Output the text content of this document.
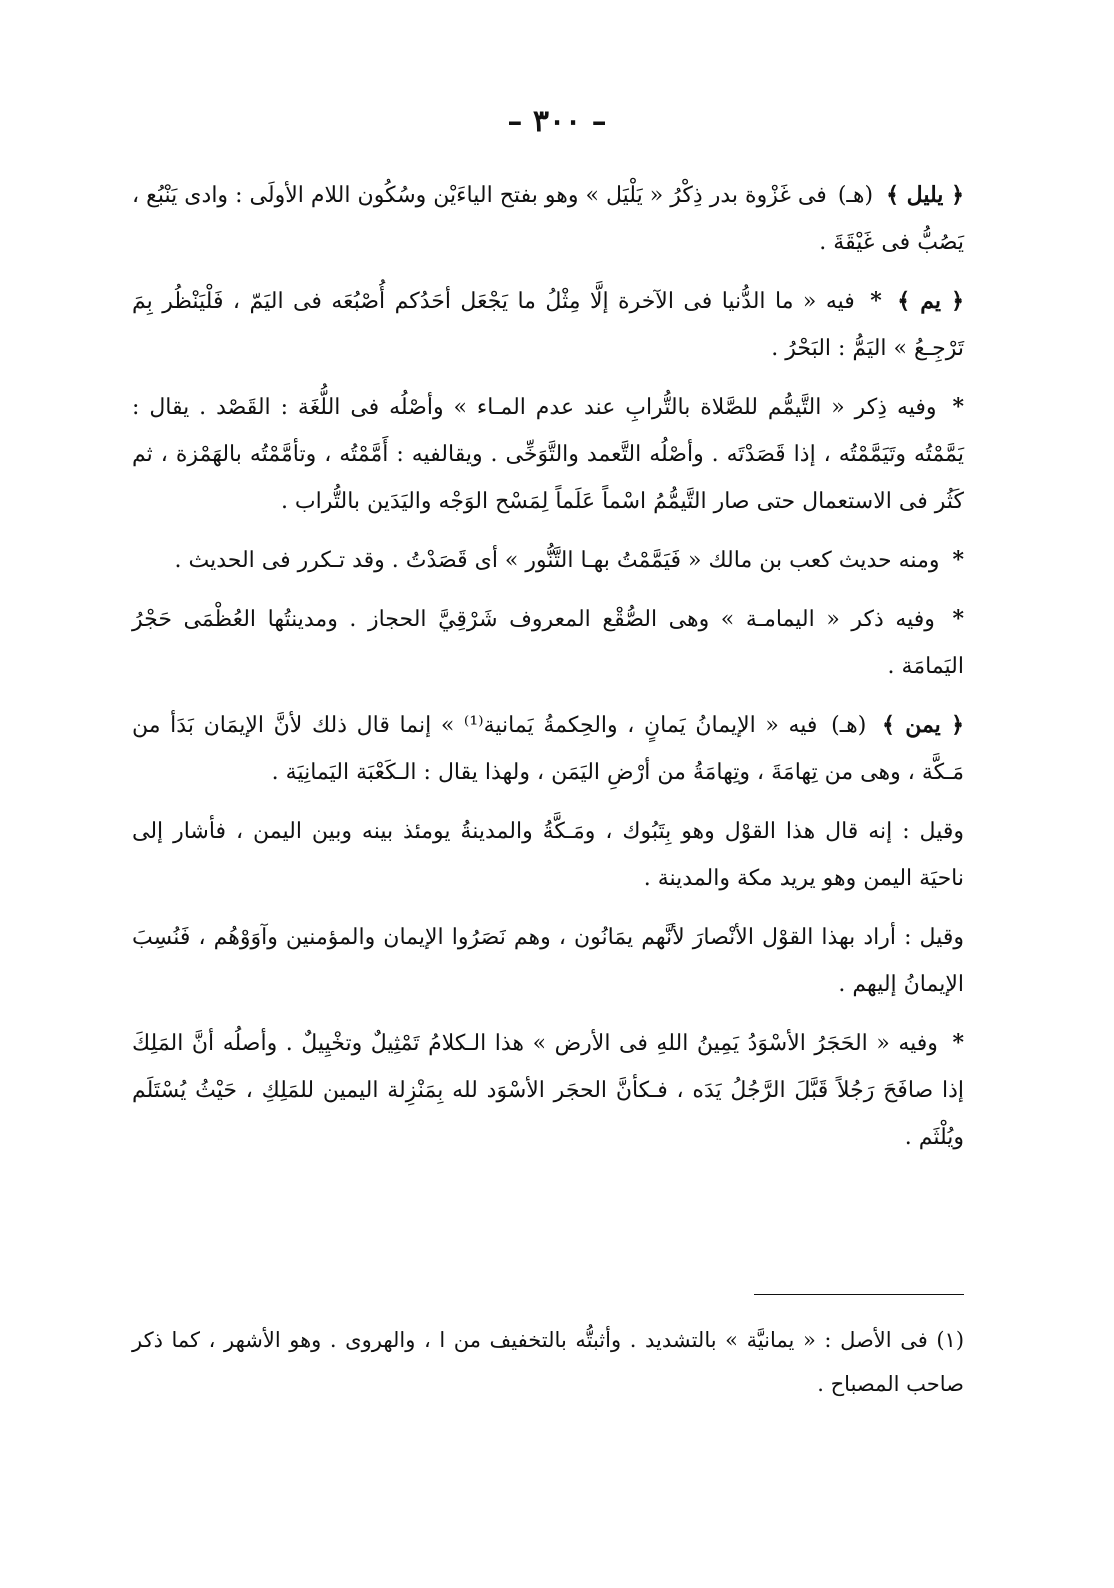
– ٣٠٠ –

﴿ يليل ﴾ (هـ) فى غَزْوة بدر ذِكْرُ « يَلْيَل » وهو بفتح الياءَيْن وسُكُون اللام الأولَى : وادى يَنْبُع ، يَصُبُّ فى غَيْقَةَ .

﴿ يم ﴾ * فيه « ما الدُّنيا فى الآخرة إلَّا مِثْلُ ما يَجْعَل أحَدُكم أُصْبُعَه فى اليَمّ ، فَلْيَنْظُر بِمَ تَرْجِـعُ » اليَمُّ : البَحْرُ .

* وفيه ذِكر « التَّيمُّم للصَّلاة بالتُّرابِ عند عدم المـاء » وأصْلُه فى اللُّغَة : القَصْد . يقال : يَمَّمْتُه وتَيَمَّمْتُه ، إذا قَصَدْتَه . وأصْلُه التَّعمد والتَّوَخِّى . ويقالفيه : أَمَّمْتُه ، وتأمَّمْتُه بالهَمْزة ، ثم كَثُر فى الاستعمال حتى صار التَّيمُّمُ اسْماً عَلَماً لِمَسْح الوَجْه واليَدَين بالتُّراب .

* ومنه حديث كعب بن مالك « فَيَمَّمْتُ بهـا التَّنُّور » أى قَصَدْتُ . وقد تـكرر فى الحديث .

* وفيه ذكر « اليمامـة » وهى الصُّقْع المعروف شَرْقِيَّ الحجاز . ومدينتُها العُظْمَى حَجْرُ اليَمامَة .

﴿ يمن ﴾ (هـ) فيه « الإيمانُ يَمانٍ ، والحِكمةُ يَمانية⁽¹⁾ » إنما قال ذلك لأنَّ الإيمَان بَدَأ من مَـكَّة ، وهى من تِهامَةَ ، وتِهامَةُ من أرْضِ اليَمَن ، ولهذا يقال : الـكَعْبَة اليَمانِيَة .

وقيل : إنه قال هذا القوْل وهو بِتَبُوك ، ومَـكَّةُ والمدينةُ يومئذ بينه وبين اليمن ، فأشار إلى ناحيَة اليمن وهو يريد مكة والمدينة .

وقيل : أراد بهذا القوْل الأنْصارَ لأنَّهم يمَانُون ، وهم نَصَرُوا الإيمان والمؤمنين وآوَوْهُم ، فَنُسِبَ الإيمانُ إليهم .

* وفيه « الحَجَرُ الأسْوَدُ يَمِينُ اللهِ فى الأرض » هذا الـكلامُ تَمْثِيلٌ وتخْيِيلٌ . وأصلُه أنَّ المَلِكَ إذا صافَحَ رَجُلاً قَبَّلَ الرَّجُلُ يَدَه ، فـكأنَّ الحجَر الأسْوَد لله بِمَنْزِلة اليمين للمَلِكِ ، حَيْثُ يُسْتَلَم ويُلْثَم .

(١) فى الأصل : « يمانيَّة » بالتشديد . وأثبتُّه بالتخفيف من ا ، والهروى . وهو الأشهر ، كما ذكر صاحب المصباح .
